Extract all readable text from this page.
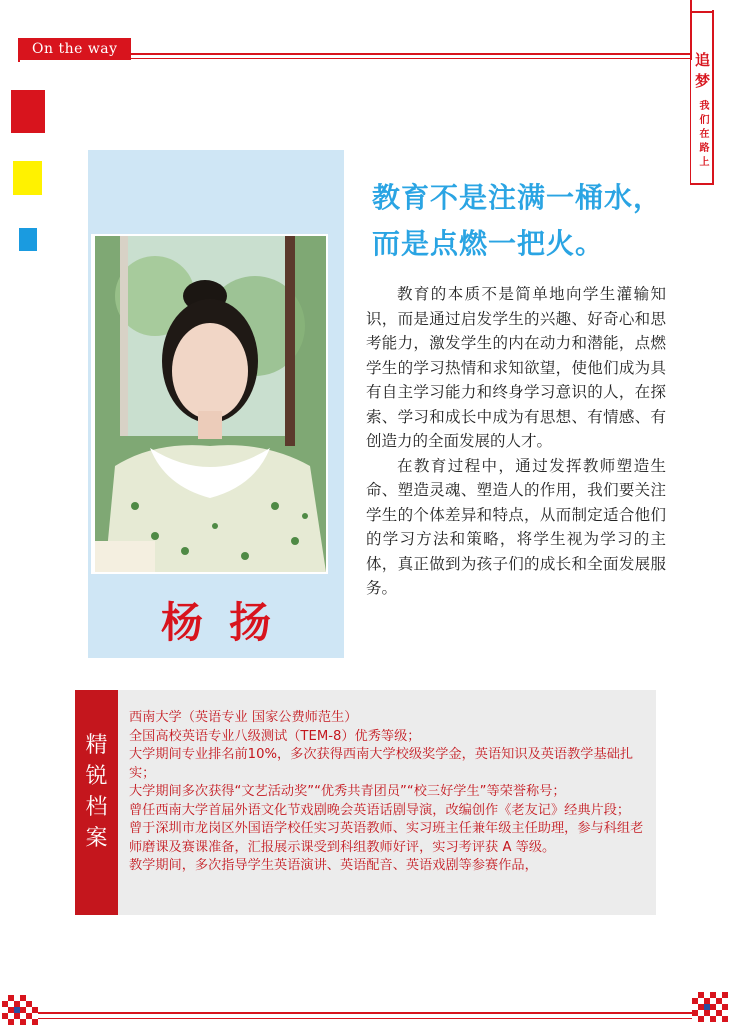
On the way
追梦
我们在路上
杨扬
教育不是注满一桶水，
而是点燃一把火。

教育的本质不是简单地向学生灌输知识，而是通过启发学生的兴趣、好奇心和思考能力，激发学生的内在动力和潜能，点燃学生的学习热情和求知欲望，使他们成为具有自主学习能力和终身学习意识的人，在探索、学习和成长中成为有思想、有情感、有创造力的全面发展的人才。

在教育过程中，通过发挥教师塑造生命、塑造灵魂、塑造人的作用，我们要关注学生的个体差异和特点，从而制定适合他们的学习方法和策略，将学生视为学习的主体，真正做到为孩子们的成长和全面发展服务。

精
锐
档
案
西南大学（英语专业 国家公费师范生）
全国高校英语专业八级测试（TEM-8）优秀等级；
大学期间专业排名前10%，多次获得西南大学校级奖学金，英语知识及英语教学基础扎实；
大学期间多次获得“文艺活动奖”“优秀共青团员”“校三好学生”等荣誉称号；
曾任西南大学首届外语文化节戏剧晚会英语话剧导演，改编创作《老友记》经典片段；
曾于深圳市龙岗区外国语学校任实习英语教师、实习班主任兼年级主任助理，参与科组老师磨课及赛课准备，汇报展示课受到科组教师好评，实习考评获 A 等级。
教学期间，多次指导学生英语演讲、英语配音、英语戏剧等参赛作品，
